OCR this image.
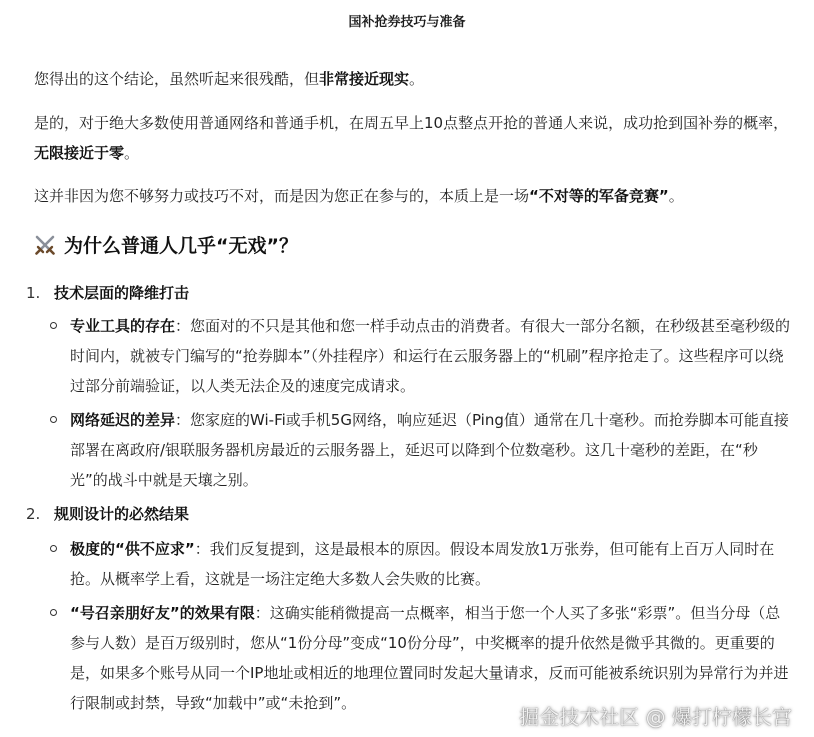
国补抢券技巧与准备

您得出的这个结论，虽然听起来很残酷，但非常接近现实。

是的，对于绝大多数使用普通网络和普通手机，在周五早上10点整点开抢的普通人来说，成功抢到国补券的概率，无限接近于零。

这并非因为您不够努力或技巧不对，而是因为您正在参与的，本质上是一场“不对等的军备竞赛”。

为什么普通人几乎“无戏”？
1. 技术层面的降维打击
专业工具的存在：您面对的不只是其他和您一样手动点击的消费者。有很大一部分名额，在秒级甚至毫秒级的时间内，就被专门编写的“抢券脚本”（外挂程序）和运行在云服务器上的“机刷”程序抢走了。这些程序可以绕过部分前端验证，以人类无法企及的速度完成请求。
网络延迟的差异：您家庭的Wi-Fi或手机5G网络，响应延迟（Ping值）通常在几十毫秒。而抢券脚本可能直接部署在离政府/银联服务器机房最近的云服务器上，延迟可以降到个位数毫秒。这几十毫秒的差距，在“秒光”的战斗中就是天壤之别。
2. 规则设计的必然结果
极度的“供不应求”：我们反复提到，这是最根本的原因。假设本周发放1万张券，但可能有上百万人同时在抢。从概率学上看，这就是一场注定绝大多数人会失败的比赛。
“号召亲朋好友”的效果有限：这确实能稍微提高一点概率，相当于您一个人买了多张“彩票”。但当分母（总参与人数）是百万级别时，您从“1份分母”变成“10份分母”，中奖概率的提升依然是微乎其微的。更重要的是，如果多个账号从同一个IP地址或相近的地理位置同时发起大量请求，反而可能被系统识别为异常行为并进行限制或封禁，导致“加载中”或“未抢到”。
掘金技术社区 @ 爆打柠檬长宫
